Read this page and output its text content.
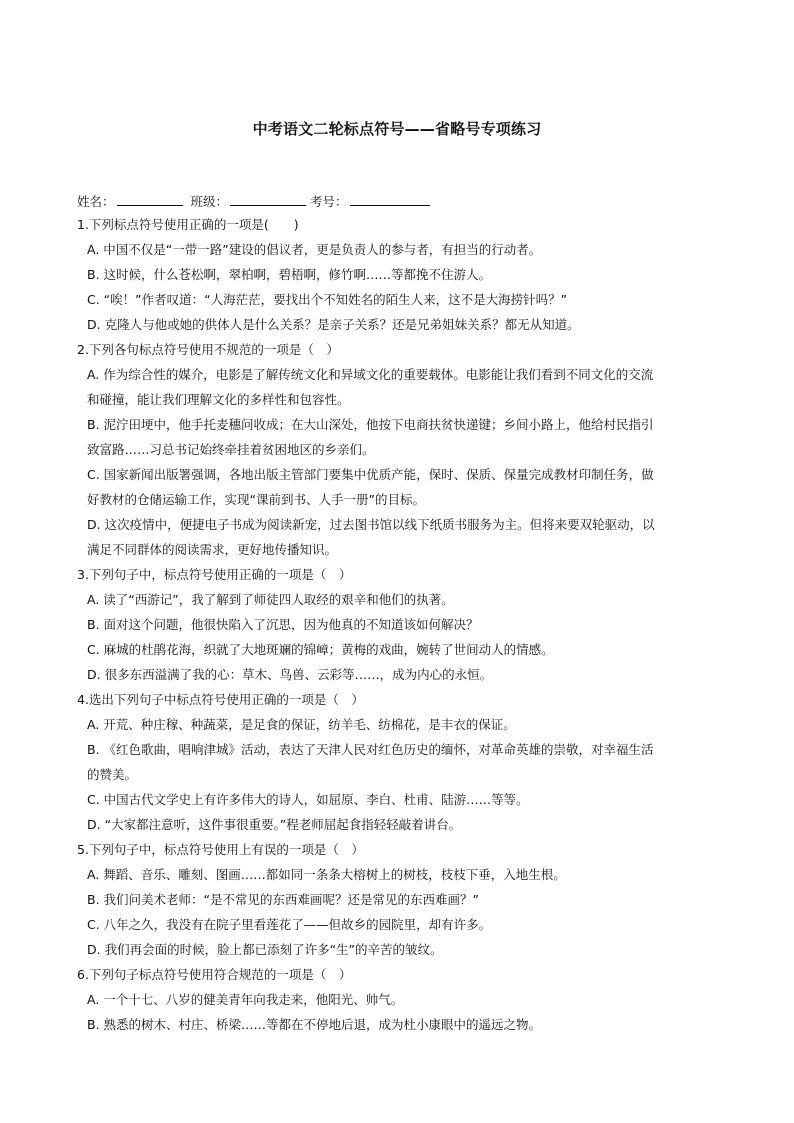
中考语文二轮标点符号——省略号专项练习
姓名：	班级：	考号：
1.下列标点符号使用正确的一项是(　　)
A. 中国不仅是“一带一路”建设的倡议者，更是负责人的参与者，有担当的行动者。
B. 这时候，什么苍松啊，翠柏啊，碧梧啊，修竹啊……等都挽不住游人。
C. “唉！”作者叹道：“人海茫茫，要找出个不知姓名的陌生人来，这不是大海捞针吗？”
D. 克隆人与他或她的供体人是什么关系？是亲子关系？还是兄弟姐妹关系？都无从知道。
2.下列各句标点符号使用不规范的一项是（　）
A. 作为综合性的媒介，电影是了解传统文化和异域文化的重要载体。电影能让我们看到不同文化的交流
和碰撞，能让我们理解文化的多样性和包容性。
B. 泥泞田埂中，他手托麦穗问收成；在大山深处，他按下电商扶贫快递键；乡间小路上，他给村民指引
致富路……习总书记始终牵挂着贫困地区的乡亲们。
C. 国家新闻出版署强调，各地出版主管部门要集中优质产能，保时、保质、保量完成教材印制任务，做
好教材的仓储运输工作，实现“课前到书、人手一册”的目标。
D. 这次疫情中，便捷电子书成为阅读新宠，过去图书馆以线下纸质书服务为主。但将来要双轮驱动，以
满足不同群体的阅读需求，更好地传播知识。
3.下列句子中，标点符号使用正确的一项是（　）
A. 读了“西游记”，我了解到了师徒四人取经的艰辛和他们的执著。
B. 面对这个问题，他很快陷入了沉思，因为他真的不知道该如何解决？
C. 麻城的杜鹃花海，织就了大地斑斓的锦嶂；黄梅的戏曲，婉转了世间动人的情感。
D. 很多东西溢满了我的心：草木、鸟兽、云彩等……，成为内心的永恒。
4.选出下列句子中标点符号使用正确的一项是（　）
A. 开荒、种庄稼、种蔬菜，是足食的保证，纺羊毛、纺棉花，是丰衣的保证。
B. 《红色歌曲，唱响津城》活动，表达了天津人民对红色历史的缅怀，对革命英雄的崇敬，对幸福生活
的赞美。
C. 中国古代文学史上有许多伟大的诗人，如屈原、李白、杜甫、陆游……等等。
D. “大家都注意听，这件事很重要。”程老师屈起食指轻轻敲着讲台。
5.下列句子中，标点符号使用上有误的一项是（　）
A. 舞蹈、音乐、雕刻、图画……都如同一条条大榕树上的树枝，枝枝下垂，入地生根。
B. 我们问美术老师：“是不常见的东西难画呢？还是常见的东西难画？”
C. 八年之久，我没有在院子里看莲花了——但故乡的园院里，却有许多。
D. 我们再会面的时候，脸上都已添刻了许多“生”的辛苦的皱纹。
6.下列句子标点符号使用符合规范的一项是（　）
A. 一个十七、八岁的健美青年向我走来，他阳光、帅气。
B. 熟悉的树木、村庄、桥梁……等都在不停地后退，成为杜小康眼中的遥远之物。
